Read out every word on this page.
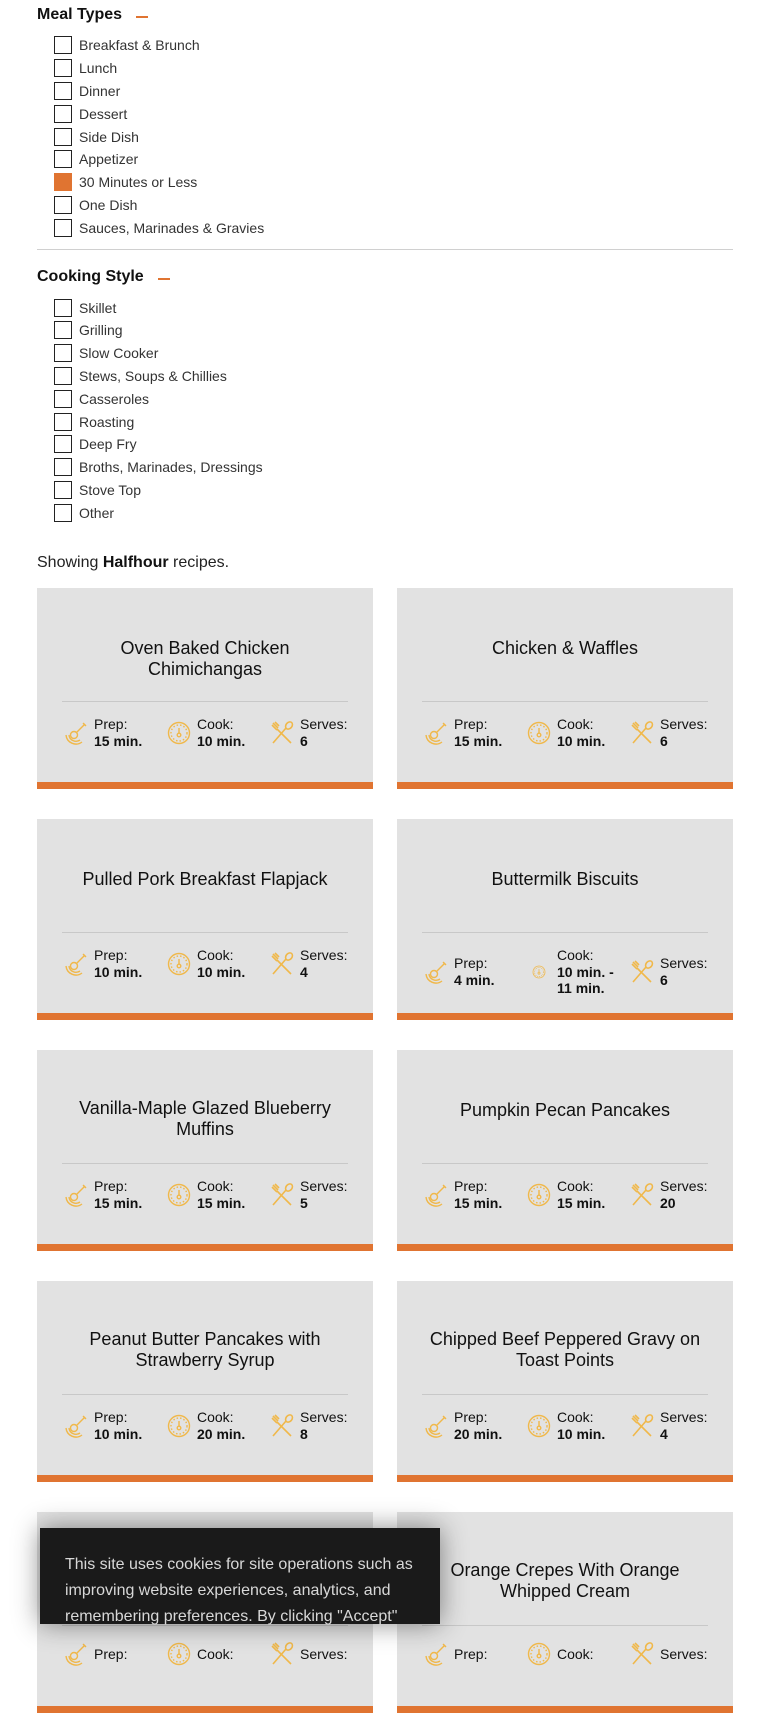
Meal Types
Breakfast & Brunch
Lunch
Dinner
Dessert
Side Dish
Appetizer
30 Minutes or Less
One Dish
Sauces, Marinades & Gravies
Cooking Style
Skillet
Grilling
Slow Cooker
Stews, Soups & Chillies
Casseroles
Roasting
Deep Fry
Broths, Marinades, Dressings
Stove Top
Other
Showing Halfhour recipes.
Oven Baked Chicken Chimichangas
Prep:
15 min.
Cook:
10 min.
Serves:
6
Chicken & Waffles
Prep:
15 min.
Cook:
10 min.
Serves:
6
Pulled Pork Breakfast Flapjack
Prep:
10 min.
Cook:
10 min.
Serves:
4
Buttermilk Biscuits
Prep:
4 min.
Cook:
10 min. - 11 min.
Serves:
6
Vanilla-Maple Glazed Blueberry Muffins
Prep:
15 min.
Cook:
15 min.
Serves:
5
Pumpkin Pecan Pancakes
Prep:
15 min.
Cook:
15 min.
Serves:
20
Peanut Butter Pancakes with Strawberry Syrup
Prep:
10 min.
Cook:
20 min.
Serves:
8
Chipped Beef Peppered Gravy on Toast Points
Prep:
20 min.
Cook:
10 min.
Serves:
4
Prep:	Cook:	Serves:
Orange Crepes With Orange Whipped Cream
Prep:	Cook:	Serves:

This site uses cookies for site operations such as improving website experiences, analytics, and remembering preferences. By clicking "Accept"
